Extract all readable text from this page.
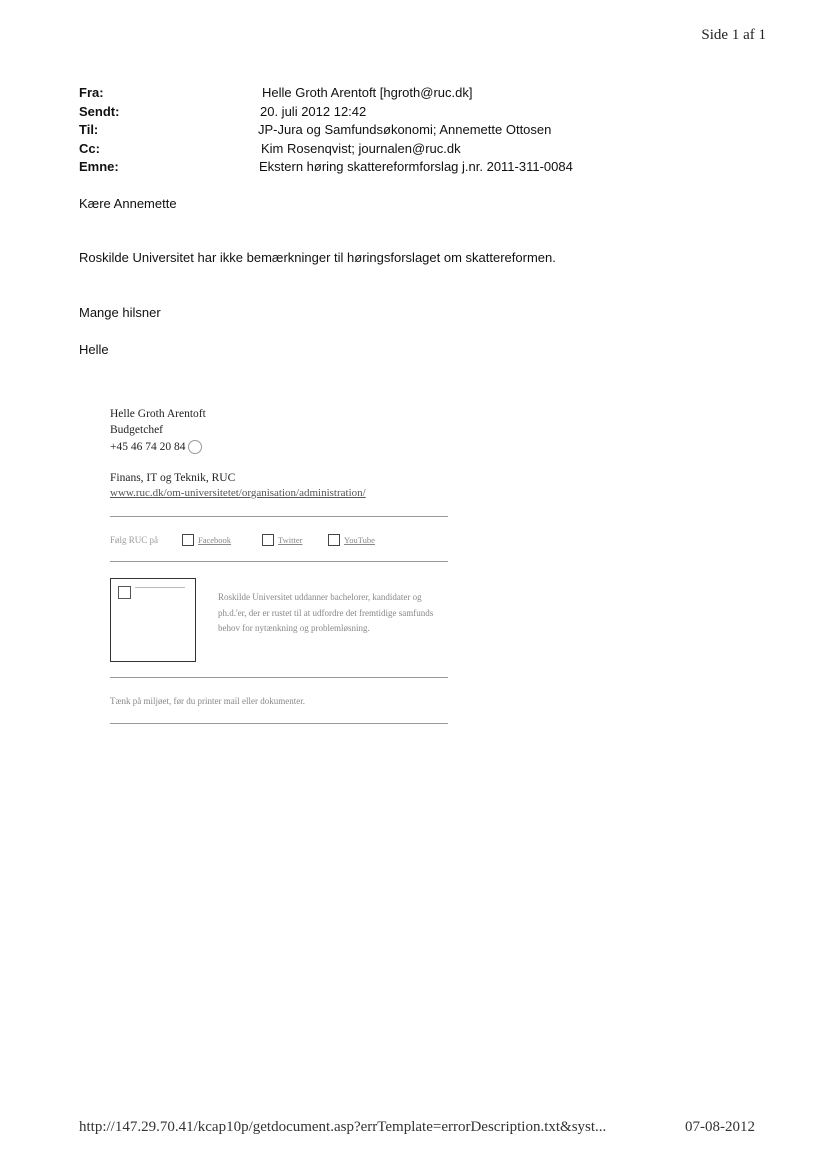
Side 1 af 1
Fra:	Helle Groth Arentoft [hgroth@ruc.dk]
Sendt:	20. juli 2012 12:42
Til:	JP-Jura og Samfundsøkonomi; Annemette Ottosen
Cc:	Kim Rosenqvist; journalen@ruc.dk
Emne:	Ekstern høring skattereformforslag j.nr. 2011-311-0084
Kære Annemette
Roskilde Universitet har ikke bemærkninger til høringsforslaget om skattereformen.
Mange hilsner
Helle
Helle Groth Arentoft
Budgetchef
+45 46 74 20 84
Finans, IT og Teknik, RUC
www.ruc.dk/om-universitetet/organisation/administration/
Følg RUC på	Facebook	Twitter	YouTube
Roskilde Universitet uddanner bachelorer, kandidater og ph.d.'er, der er rustet til at udfordre det fremtidige samfunds behov for nytænkning og problemløsning.
Tænk på miljøet, før du printer mail eller dokumenter.
http://147.29.70.41/kcap10p/getdocument.asp?errTemplate=errorDescription.txt&syst...	07-08-2012
